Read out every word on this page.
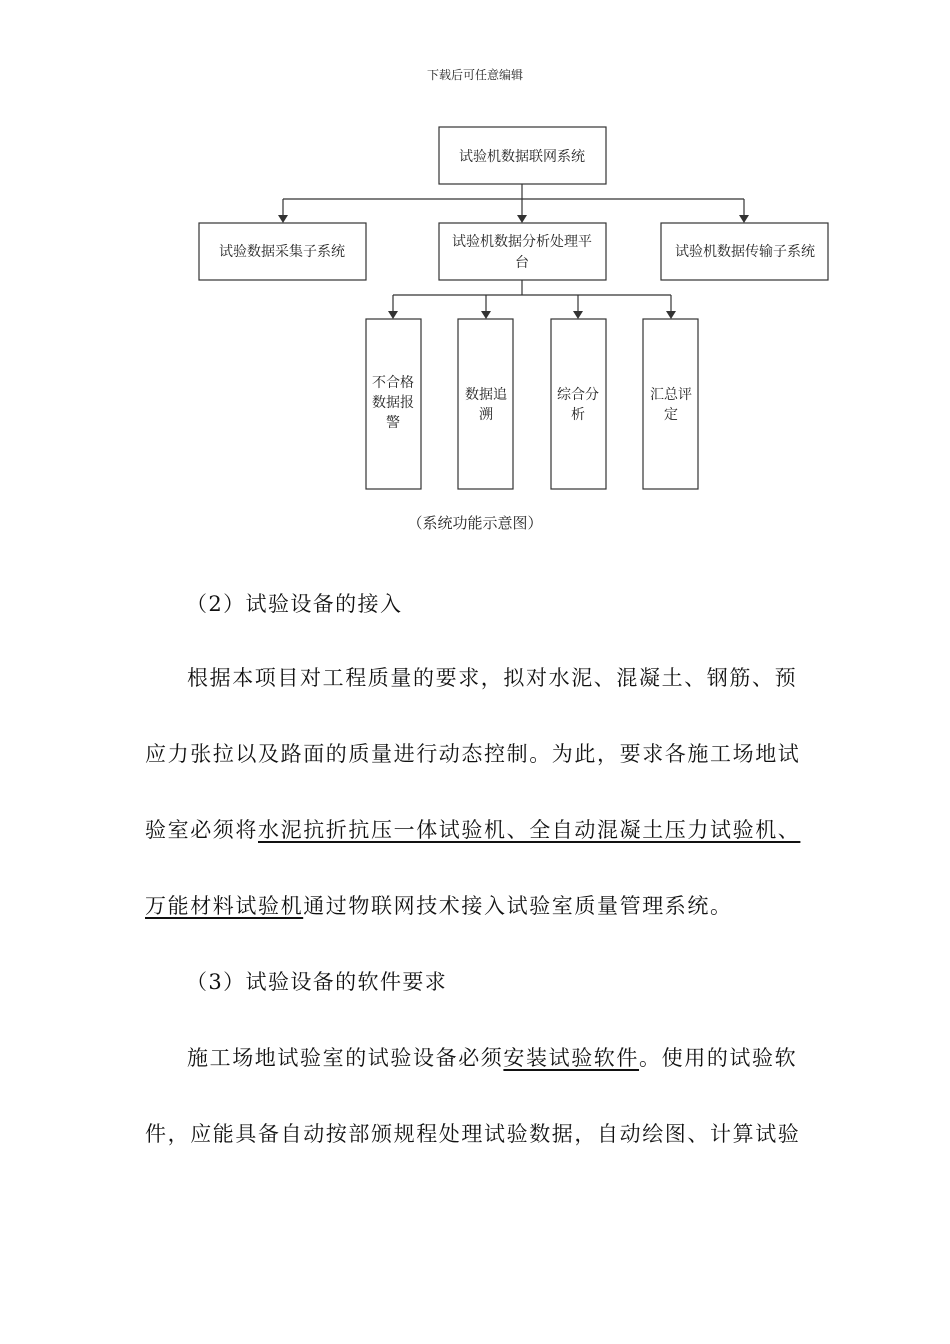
下载后可任意编辑
试验机数据联网系统
试验数据采集子系统
试验机数据分析处理平
台
试验机数据传输子系统
不合格
数据报
警
数据追
溯
综合分
析
汇总评
定
（系统功能示意图）

（2）试验设备的接入

根据本项目对工程质量的要求，拟对水泥、混凝土、钢筋、预
应力张拉以及路面的质量进行动态控制。为此，要求各施工场地试
验室必须将水泥抗折抗压一体试验机、全自动混凝土压力试验机、
万能材料试验机通过物联网技术接入试验室质量管理系统。

（3）试验设备的软件要求

施工场地试验室的试验设备必须安装试验软件。使用的试验软
件，应能具备自动按部颁规程处理试验数据，自动绘图、计算试验
